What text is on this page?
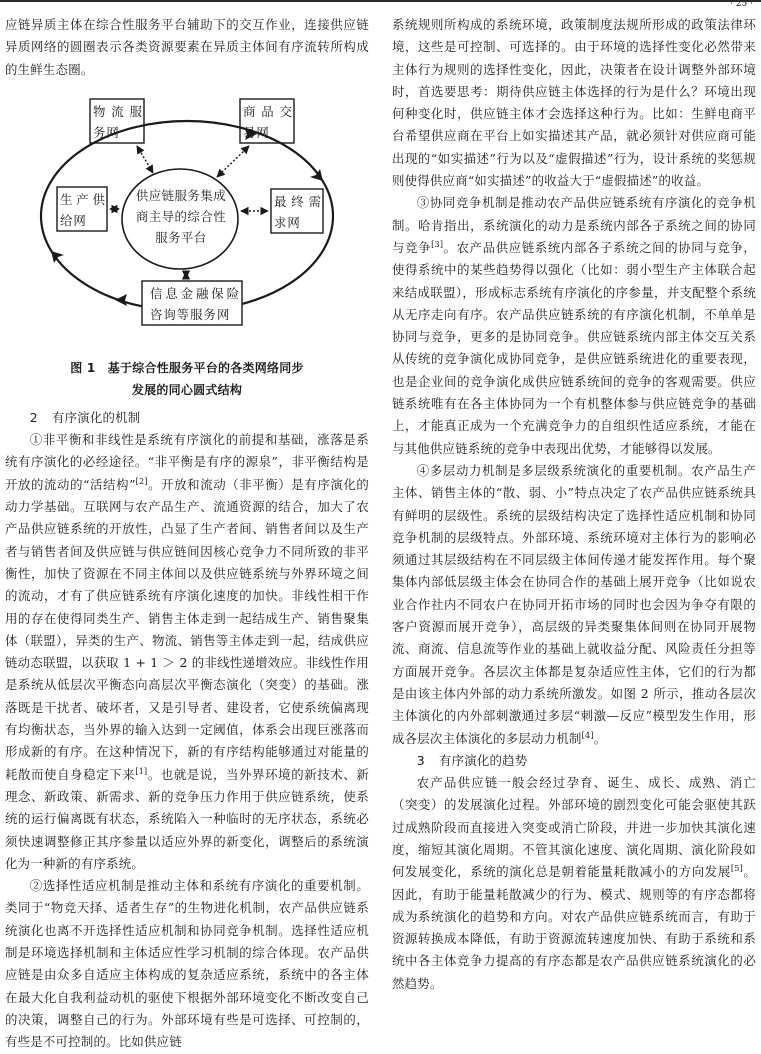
· 25 ·

应链异质主体在综合性服务平台辅助下的交互作业，连接供应链异质网络的圆圈表示各类资源要素在异质主体间有序流转所构成的生鲜生态圈。

物流服务网
商品交易网
生产供给网
最终需求网
信息金融保险咨询等服务网
供应链服务集成商主导的综合性服务平台
图 1　基于综合性服务平台的各类网络同步
发展的同心圆式结构

2 有序演化的机制

①非平衡和非线性是系统有序演化的前提和基础，涨落是系统有序演化的必经途径。“非平衡是有序的源泉”，非平衡结构是开放的流动的“活结构”[2]。开放和流动（非平衡）是有序演化的动力学基础。互联网与农产品生产、流通资源的结合，加大了农产品供应链系统的开放性，凸显了生产者间、销售者间以及生产者与销售者间及供应链与供应链间因核心竞争力不同所致的非平衡性，加快了资源在不同主体间以及供应链系统与外界环境之间的流动，才有了供应链系统有序演化速度的加快。非线性相干作用的存在使得同类生产、销售主体走到一起结成生产、销售聚集体（联盟），异类的生产、物流、销售等主体走到一起，结成供应链动态联盟，以获取 1 + 1 ＞ 2 的非线性递增效应。非线性作用是系统从低层次平衡态向高层次平衡态演化（突变）的基础。涨落既是干扰者、破坏者，又是引导者、建设者，它使系统偏离现有均衡状态，当外界的输入达到一定阈值，体系会出现巨涨落而形成新的有序。在这种情况下，新的有序结构能够通过对能量的耗散而使自身稳定下来[1]。也就是说，当外界环境的新技术、新理念、新政策、新需求、新的竞争压力作用于供应链系统，使系统的运行偏离既有状态，系统陷入一种临时的无序状态，系统必须快速调整修正其序参量以适应外界的新变化，调整后的系统演化为一种新的有序系统。

②选择性适应机制是推动主体和系统有序演化的重要机制。类同于“物竞天择、适者生存”的生物进化机制，农产品供应链系统演化也离不开选择性适应机制和协同竞争机制。选择性适应机制是环境选择机制和主体适应性学习机制的综合体现。农产品供应链是由众多自适应主体构成的复杂适应系统，系统中的各主体在最大化自我利益动机的驱使下根据外部环境变化不断改变自己的决策，调整自己的行为。外部环境有些是可选择、可控制的，有些是不可控制的。比如供应链

系统规则所构成的系统环境，政策制度法规所形成的政策法律环境，这些是可控制、可选择的。由于环境的选择性变化必然带来主体行为规则的选择性变化，因此，决策者在设计调整外部环境时，首选要思考：期待供应链主体选择的行为是什么？环境出现何种变化时，供应链主体才会选择这种行为。比如：生鲜电商平台希望供应商在平台上如实描述其产品，就必须针对供应商可能出现的“如实描述”行为以及“虚假描述”行为，设计系统的奖惩规则使得供应商“如实描述”的收益大于“虚假描述”的收益。

③协同竞争机制是推动农产品供应链系统有序演化的竞争机制。哈肯指出，系统演化的动力是系统内部各子系统之间的协同与竞争[3]。农产品供应链系统内部各子系统之间的协同与竞争，使得系统中的某些趋势得以强化（比如：弱小型生产主体联合起来结成联盟），形成标志系统有序演化的序参量，并支配整个系统从无序走向有序。农产品供应链系统的有序演化机制，不单单是协同与竞争，更多的是协同竞争。供应链系统内部主体交互关系从传统的竞争演化成协同竞争，是供应链系统进化的重要表现，也是企业间的竞争演化成供应链系统间的竞争的客观需要。供应链系统唯有在各主体协同为一个有机整体参与供应链竞争的基础上，才能真正成为一个充满竞争力的自组织性适应系统，才能在与其他供应链系统的竞争中表现出优势，才能够得以发展。

④多层动力机制是多层级系统演化的重要机制。农产品生产主体、销售主体的“散、弱、小”特点决定了农产品供应链系统具有鲜明的层级性。系统的层级结构决定了选择性适应机制和协同竞争机制的层级特点。外部环境、系统环境对主体行为的影响必须通过其层级结构在不同层级主体间传递才能发挥作用。每个聚集体内部低层级主体会在协同合作的基础上展开竞争（比如说农业合作社内不同农户在协同开拓市场的同时也会因为争夺有限的客户资源而展开竞争），高层级的异类聚集体间则在协同开展物流、商流、信息流等作业的基础上就收益分配、风险责任分担等方面展开竞争。各层次主体都是复杂适应性主体，它们的行为都是由该主体内外部的动力系统所激发。如图 2 所示，推动各层次主体演化的内外部刺激通过多层“刺激—反应”模型发生作用，形成各层次主体演化的多层动力机制[4]。

3 有序演化的趋势

农产品供应链一般会经过孕育、诞生、成长、成熟、消亡（突变）的发展演化过程。外部环境的剧烈变化可能会驱使其跃过成熟阶段而直接进入突变或消亡阶段，并进一步加快其演化速度，缩短其演化周期。不管其演化速度、演化周期、演化阶段如何发展变化，系统的演化总是朝着能量耗散减小的方向发展[5]。因此，有助于能量耗散减少的行为、模式、规则等的有序态都将成为系统演化的趋势和方向。对农产品供应链系统而言，有助于资源转换成本降低，有助于资源流转速度加快、有助于系统和系统中各主体竞争力提高的有序态都是农产品供应链系统演化的必然趋势。
